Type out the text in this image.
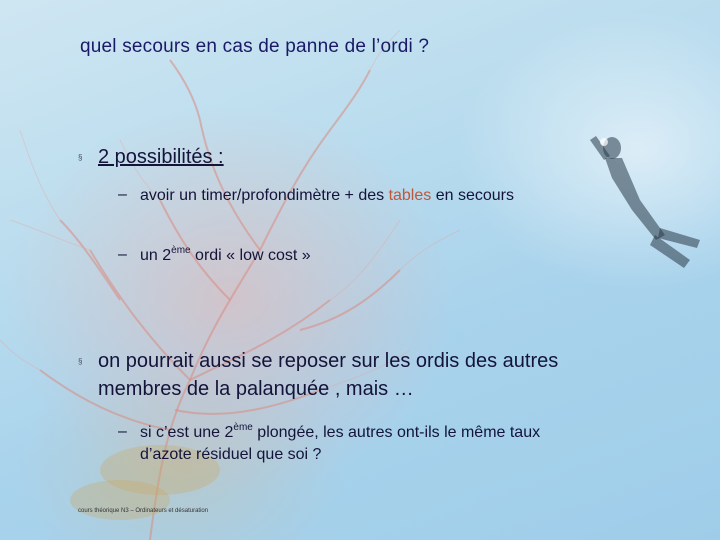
quel secours en cas de panne de l’ordi ?
§ 2 possibilités :
– avoir un timer/profondimètre + des tables en secours
– un 2ème ordi « low cost »
§ on pourrait aussi se reposer sur les ordis des autres
membres de la palanquée , mais …
– si c’est une 2ème plongée, les autres ont-ils le même taux
d’azote résiduel que soi ?
cours théorique N3 – Ordinateurs et désaturation
